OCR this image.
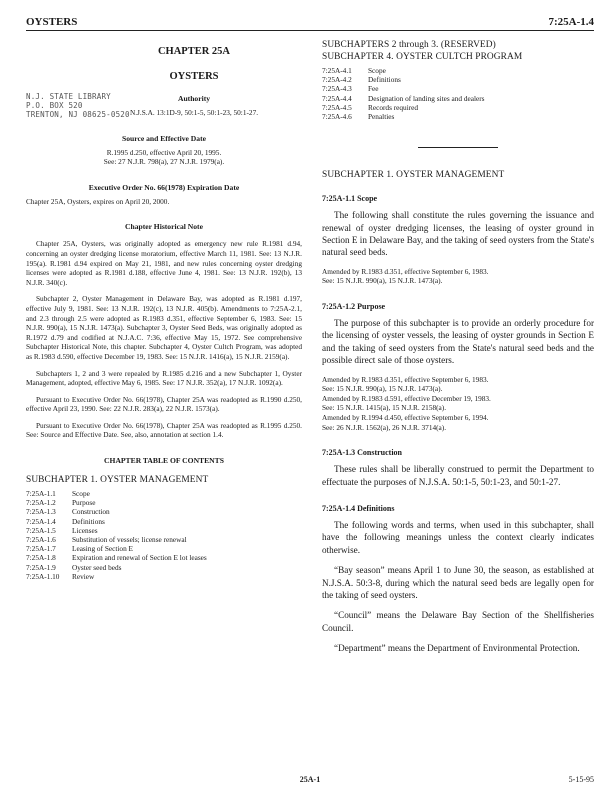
OYSTERS	7:25A-1.4
N.J. STATE LIBRARY
P.O. BOX 520
TRENTON, NJ 08625-0520
CHAPTER 25A
OYSTERS
Authority
N.J.S.A. 13:1D-9, 50:1-5, 50:1-23, 50:1-27.
Source and Effective Date
R.1995 d.250, effective April 20, 1995.
See: 27 N.J.R. 798(a), 27 N.J.R. 1979(a).
Executive Order No. 66(1978) Expiration Date
Chapter 25A, Oysters, expires on April 20, 2000.
Chapter Historical Note

Chapter 25A, Oysters, was originally adopted as emergency new rule R.1981 d.94, concerning an oyster dredging license moratorium, effective March 11, 1981. See: 13 N.J.R. 195(a). R.1981 d.94 expired on May 21, 1981, and new rules concerning oyster dredging licenses were adopted as R.1981 d.188, effective June 4, 1981. See: 13 N.J.R. 192(b), 13 N.J.R. 340(c).

Subchapter 2, Oyster Management in Delaware Bay, was adopted as R.1981 d.197, effective July 9, 1981. See: 13 N.J.R. 192(c), 13 N.J.R. 405(b). Amendments to 7:25A-2.1, and 2.3 through 2.5 were adopted as R.1983 d.351, effective September 6, 1983. See: 15 N.J.R. 990(a), 15 N.J.R. 1473(a). Subchapter 3, Oyster Seed Beds, was originally adopted as R.1972 d.79 and codified at N.J.A.C. 7:36, effective May 15, 1972. See comprehensive Subchapter Historical Note, this chapter. Subchapter 4, Oyster Cultch Program, was adopted as R.1983 d.590, effective December 19, 1983. See: 15 N.J.R. 1416(a), 15 N.J.R. 2159(a).

Subchapters 1, 2 and 3 were repealed by R.1985 d.216 and a new Subchapter 1, Oyster Management, adopted, effective May 6, 1985. See: 17 N.J.R. 352(a), 17 N.J.R. 1092(a).

Pursuant to Executive Order No. 66(1978), Chapter 25A was readopted as R.1990 d.250, effective April 23, 1990. See: 22 N.J.R. 283(a), 22 N.J.R. 1573(a).

Pursuant to Executive Order No. 66(1978), Chapter 25A was readopted as R.1995 d.250. See: Source and Effective Date. See, also, annotation at section 1.4.

CHAPTER TABLE OF CONTENTS
SUBCHAPTER 1. OYSTER MANAGEMENT
7:25A-1.1	Scope
7:25A-1.2	Purpose
7:25A-1.3	Construction
7:25A-1.4	Definitions
7:25A-1.5	Licenses
7:25A-1.6	Substitution of vessels; license renewal
7:25A-1.7	Leasing of Section E
7:25A-1.8	Expiration and renewal of Section E lot leases
7:25A-1.9	Oyster seed beds
7:25A-1.10	Review
SUBCHAPTERS 2 through 3. (RESERVED)
SUBCHAPTER 4. OYSTER CULTCH PROGRAM
7:25A-4.1	Scope
7:25A-4.2	Definitions
7:25A-4.3	Fee
7:25A-4.4	Designation of landing sites and dealers
7:25A-4.5	Records required
7:25A-4.6	Penalties
SUBCHAPTER 1. OYSTER MANAGEMENT
7:25A-1.1 Scope

The following shall constitute the rules governing the issuance and renewal of oyster dredging licenses, the leasing of oyster ground in Section E in Delaware Bay, and the taking of seed oysters from the State's natural seed beds.

Amended by R.1983 d.351, effective September 6, 1983.
See: 15 N.J.R. 990(a), 15 N.J.R. 1473(a).
7:25A-1.2 Purpose

The purpose of this subchapter is to provide an orderly procedure for the licensing of oyster vessels, the leasing of oyster grounds in Section E and the taking of seed oysters from the State's natural seed beds and the possible direct sale of those oysters.

Amended by R.1983 d.351, effective September 6, 1983.
See: 15 N.J.R. 990(a), 15 N.J.R. 1473(a).
Amended by R.1983 d.591, effective December 19, 1983.
See: 15 N.J.R. 1415(a), 15 N.J.R. 2158(a).
Amended by R.1994 d.450, effective September 6, 1994.
See: 26 N.J.R. 1562(a), 26 N.J.R. 3714(a).
7:25A-1.3 Construction

These rules shall be liberally construed to permit the Department to effectuate the purposes of N.J.S.A. 50:1-5, 50:1-23, and 50:1-27.

7:25A-1.4 Definitions

The following words and terms, when used in this subchapter, shall have the following meanings unless the context clearly indicates otherwise.

“Bay season” means April 1 to June 30, the season, as established at N.J.S.A. 50:3-8, during which the natural seed beds are legally open for the taking of seed oysters.

“Council” means the Delaware Bay Section of the Shellfisheries Council.

“Department” means the Department of Environmental Protection.

25A-1	5-15-95
